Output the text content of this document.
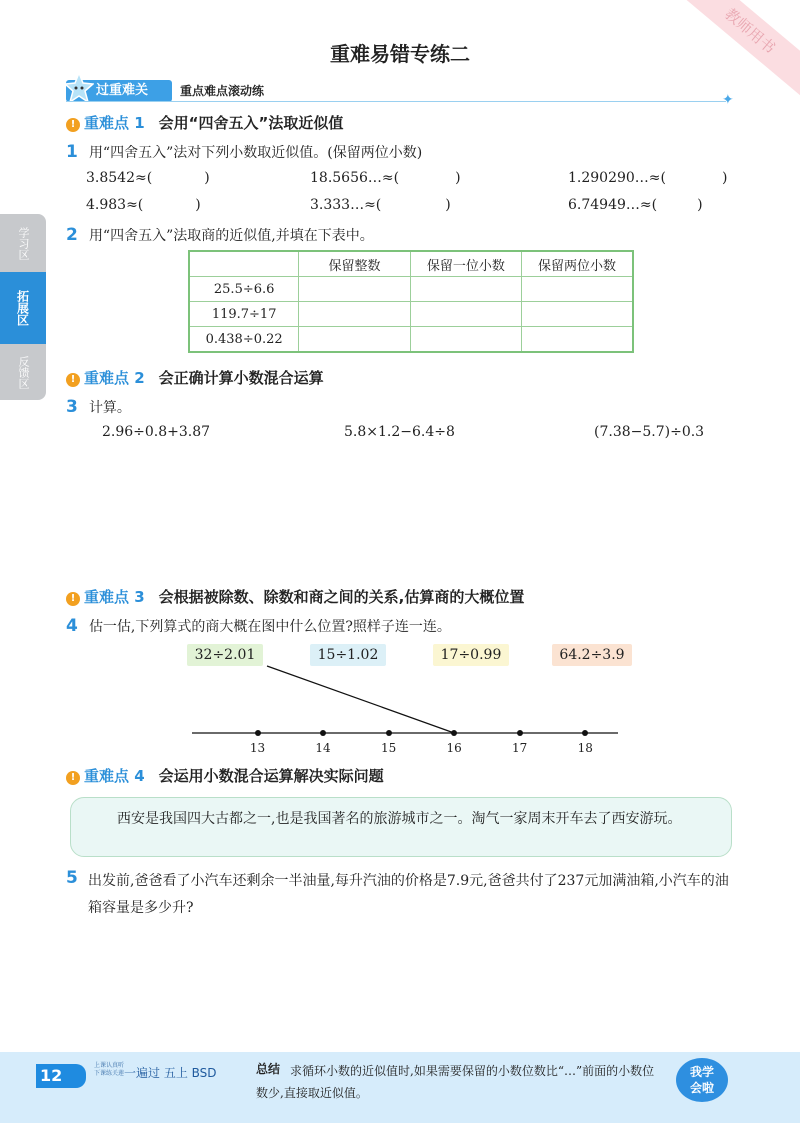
教师用书
重难易错专练二
过重难关	重点难点滚动练
✦
学习区
拓展区
反馈区
! 重难点 1 会用“四舍五入”法取近似值
1 用“四舍五入”法对下列小数取近似值。(保留两位小数)
3.8542≈(	)	18.5656…≈(	)	1.290290…≈(	)
4.983≈(	)	3.333…≈(	)	6.74949…≈(	)
2 用“四舍五入”法取商的近似值,并填在下表中。
	保留整数	保留一位小数	保留两位小数
25.5÷6.6			
119.7÷17			
0.438÷0.22			
! 重难点 2 会正确计算小数混合运算
3 计算。
2.96÷0.8+3.87	5.8×1.2−6.4÷8	(7.38−5.7)÷0.3
! 重难点 3 会根据被除数、除数和商之间的关系,估算商的大概位置
4 估一估,下列算式的商大概在图中什么位置?照样子连一连。
32÷2.01	15÷1.02	17÷0.99	64.2÷3.9
13	14	15	16	17	18
! 重难点 4 会运用小数混合运算解决实际问题
西安是我国四大古都之一,也是我国著名的旅游城市之一。淘气一家周末开车去了西安游玩。
5 出发前,爸爸看了小汽车还剩余一半油量,每升汽油的价格是7.9元,爸爸共付了237元加满油箱,小汽车的油箱容量是多少升?
12
上课认真听
下课练关莲 一遍过 五上 BSD	总结 求循环小数的近似值时,如果需要保留的小数位数比“…”前面的小数位数少,直接取近似值。
我学
会啦
